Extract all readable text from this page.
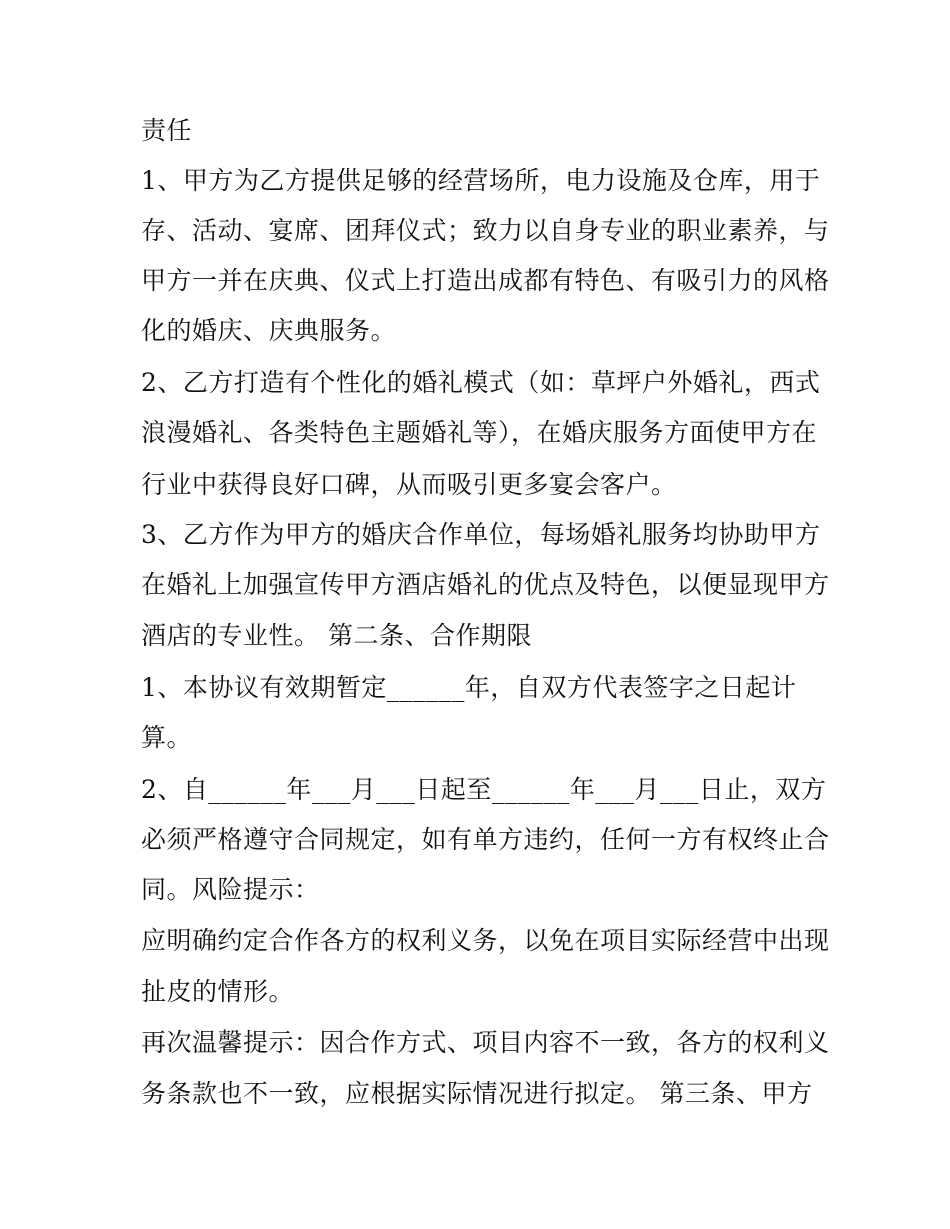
责任
1、甲方为乙方提供足够的经营场所，电力设施及仓库，用于
存、活动、宴席、团拜仪式；致力以自身专业的职业素养，与
甲方一并在庆典、仪式上打造出成都有特色、有吸引力的风格
化的婚庆、庆典服务。
2、乙方打造有个性化的婚礼模式（如：草坪户外婚礼，西式
浪漫婚礼、各类特色主题婚礼等），在婚庆服务方面使甲方在
行业中获得良好口碑，从而吸引更多宴会客户。
3、乙方作为甲方的婚庆合作单位，每场婚礼服务均协助甲方
在婚礼上加强宣传甲方酒店婚礼的优点及特色，以便显现甲方
酒店的专业性。 第二条、合作期限
1、本协议有效期暂定______年，自双方代表签字之日起计
算。
2、自______年___月___日起至______年___月___日止，双方
必须严格遵守合同规定，如有单方违约，任何一方有权终止合
同。风险提示：
应明确约定合作各方的权利义务，以免在项目实际经营中出现
扯皮的情形。
再次温馨提示：因合作方式、项目内容不一致，各方的权利义
务条款也不一致，应根据实际情况进行拟定。 第三条、甲方
